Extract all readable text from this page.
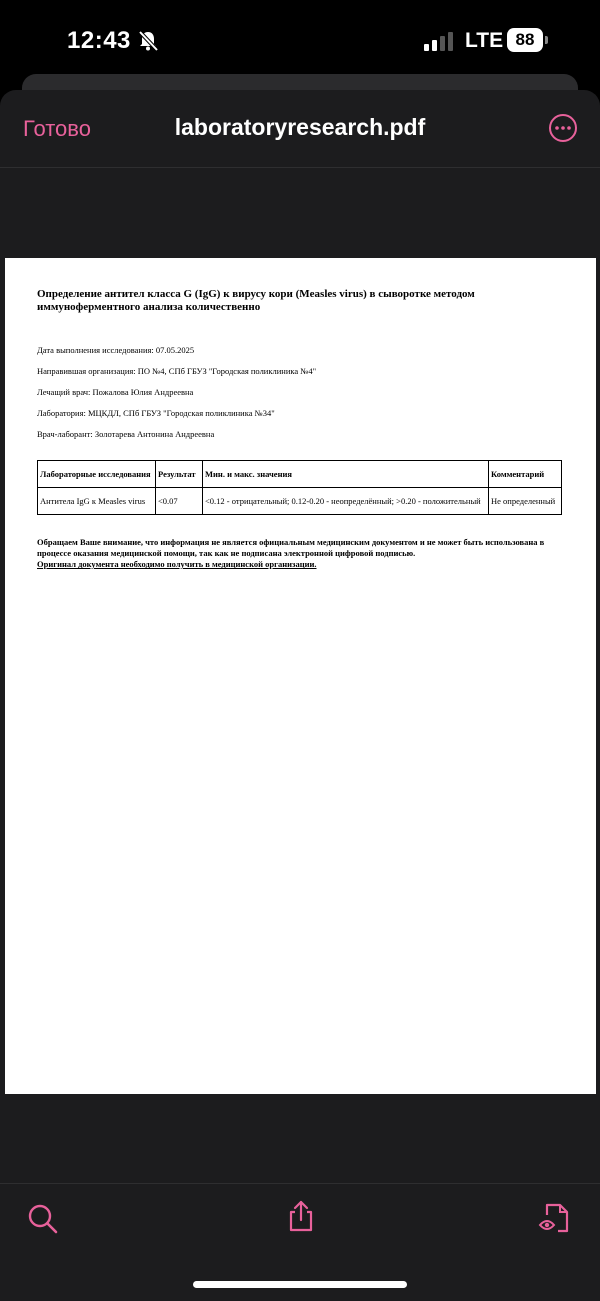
12:43	LTE 88
Готово	laboratoryresearch.pdf
Определение антител класса G (IgG) к вирусу кори (Measles virus) в сыворотке методом иммуноферментного анализа количественно
Дата выполнения исследования: 07.05.2025
Направившая организация: ПО №4, СПб ГБУЗ "Городская поликлиника №4"
Лечащий врач: Пожалова Юлия Андреевна
Лаборатория: МЦКДЛ, СПб ГБУЗ "Городская поликлиника №34"
Врач-лаборант: Золотарева Антонина Андреевна
Лабораторные исследования	Результат	Мин. и макс. значения	Комментарий
Антитела IgG к Measles virus	<0.07	<0.12 - отрицательный; 0.12-0.20 - неопределённый; >0.20 - положительный	Не определенный
Обращаем Ваше внимание, что информация не является официальным медицинским документом и не может быть использована в процессе оказания медицинской помощи, так как не подписана электронной цифровой подписью.
Оригинал документа необходимо получить в медицинской организации.
